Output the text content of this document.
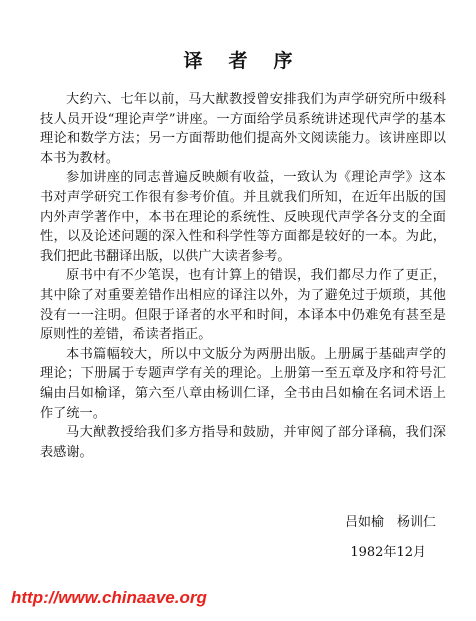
译者序

大约六、七年以前，马大猷教授曾安排我们为声学研究所中级科技人员开设“理论声学”讲座。一方面给学员系统讲述现代声学的基本理论和数学方法；另一方面帮助他们提高外文阅读能力。该讲座即以本书为教材。

参加讲座的同志普遍反映颇有收益，一致认为《理论声学》这本书对声学研究工作很有参考价值。并且就我们所知，在近年出版的国内外声学著作中，本书在理论的系统性、反映现代声学各分支的全面性，以及论述问题的深入性和科学性等方面都是较好的一本。为此，我们把此书翻译出版，以供广大读者参考。

原书中有不少笔误，也有计算上的错误，我们都尽力作了更正，其中除了对重要差错作出相应的译注以外，为了避免过于烦琐，其他没有一一注明。但限于译者的水平和时间，本译本中仍难免有甚至是原则性的差错，希读者指正。

本书篇幅较大，所以中文版分为两册出版。上册属于基础声学的理论；下册属于专题声学有关的理论。上册第一至五章及序和符号汇编由吕如榆译，第六至八章由杨训仁译，全书由吕如榆在名词术语上作了统一。

马大猷教授给我们多方指导和鼓励，并审阅了部分译稿，我们深表感谢。

吕如榆　杨训仁
1982年12月
http://www.chinaave.org
